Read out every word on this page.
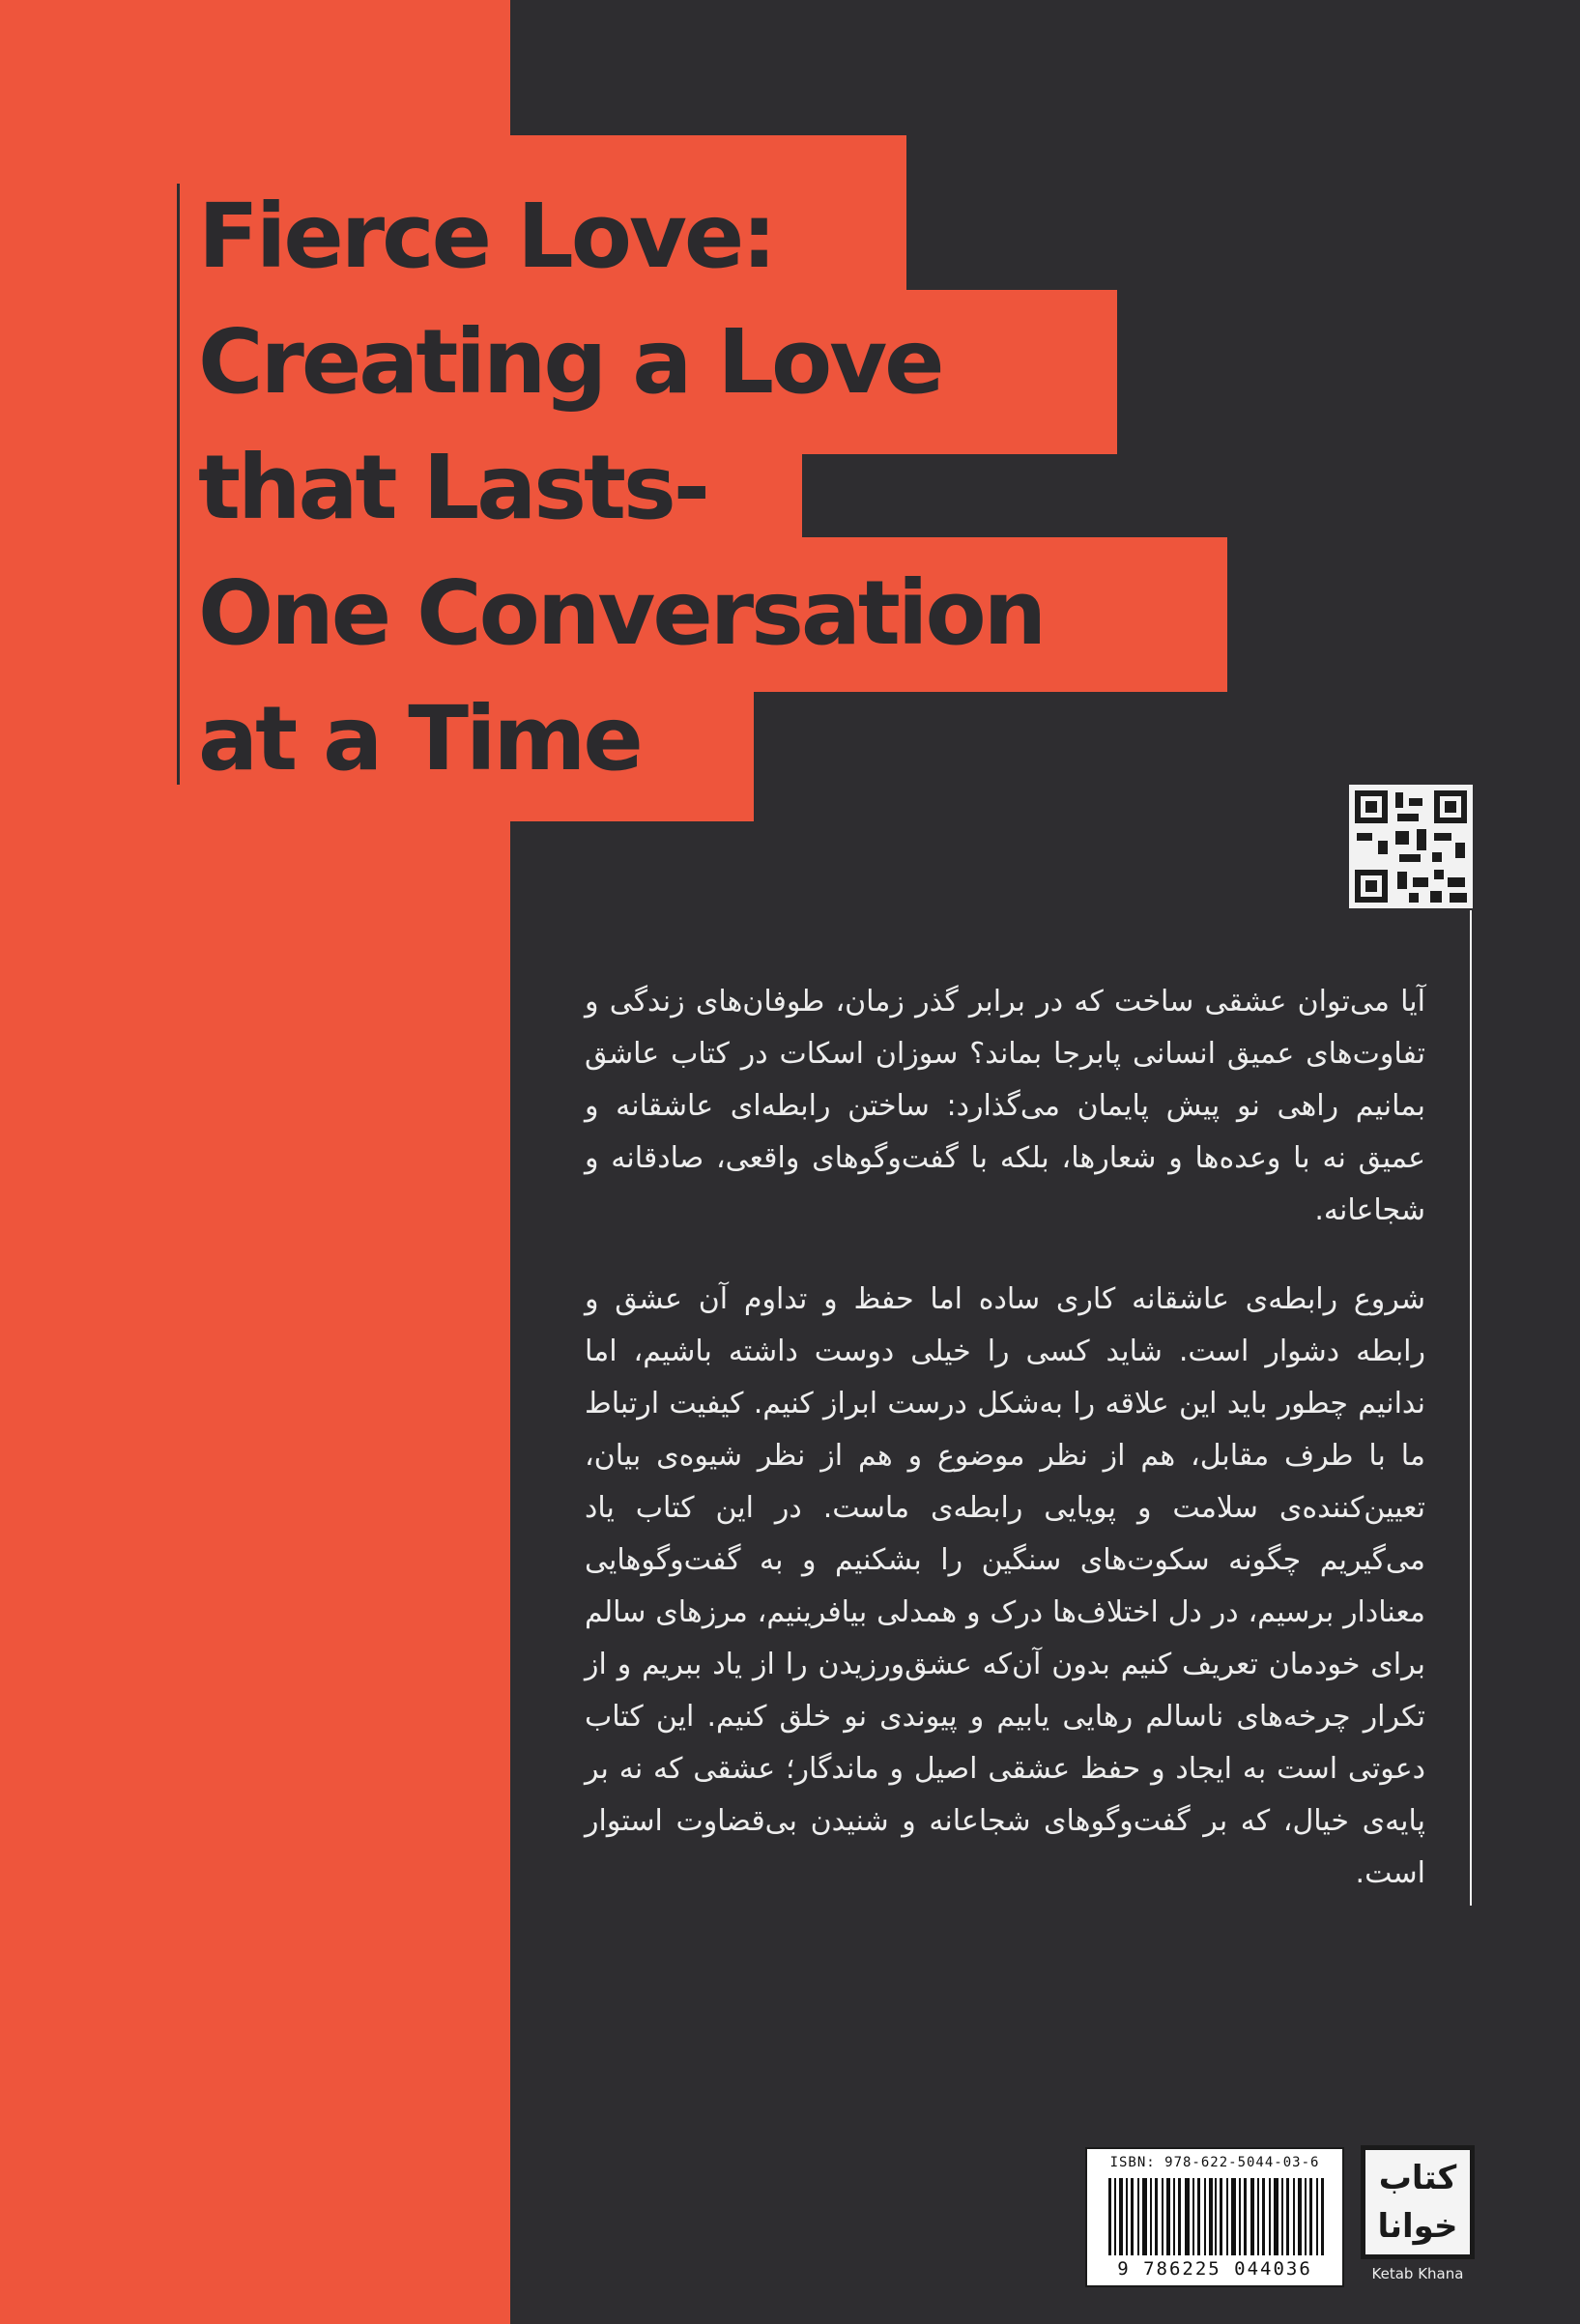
Fierce Love:
Creating a Love
that Lasts-
One Conversation
at a Time

آیا می‌توان عشقی ساخت که در برابر گذر زمان، طوفان‌های زندگی و تفاوت‌های عمیق انسانی پابرجا بماند؟ سوزان اسکات در کتاب عاشق بمانیم راهی نو پیش پایمان می‌گذارد: ساختن رابطه‌ای عاشقانه و عمیق نه با وعده‌ها و شعارها، بلکه با گفت‌وگوهای واقعی، صادقانه و شجاعانه.

شروع رابطه‌ی عاشقانه کاری ساده اما حفظ و تداوم آن عشق و رابطه دشوار است. شاید کسی را خیلی دوست داشته باشیم، اما ندانیم چطور باید این علاقه را به‌شکل درست ابراز کنیم. کیفیت ارتباط ما با طرف مقابل، هم از نظر موضوع و هم از نظر شیوه‌ی بیان، تعیین‌کننده‌ی سلامت و پویایی رابطه‌ی ماست. در این کتاب یاد می‌گیریم چگونه سکوت‌های سنگین را بشکنیم و به گفت‌وگوهایی معنادار برسیم، در دل اختلاف‌ها درک و همدلی بیافرینیم، مرزهای سالم برای خودمان تعریف کنیم بدون آن‌که عشق‌ورزیدن را از یاد ببریم و از تکرار چرخه‌های ناسالم رهایی یابیم و پیوندی نو خلق کنیم. این کتاب دعوتی است به ایجاد و حفظ عشقی اصیل و ماندگار؛ عشقی که نه بر پایه‌ی خیال، که بر گفت‌وگوهای شجاعانه و شنیدن بی‌قضاوت استوار است.

ISBN: 978-622-5044-03-6
9 786225 044036
کتاب
خوانا
Ketab Khana
